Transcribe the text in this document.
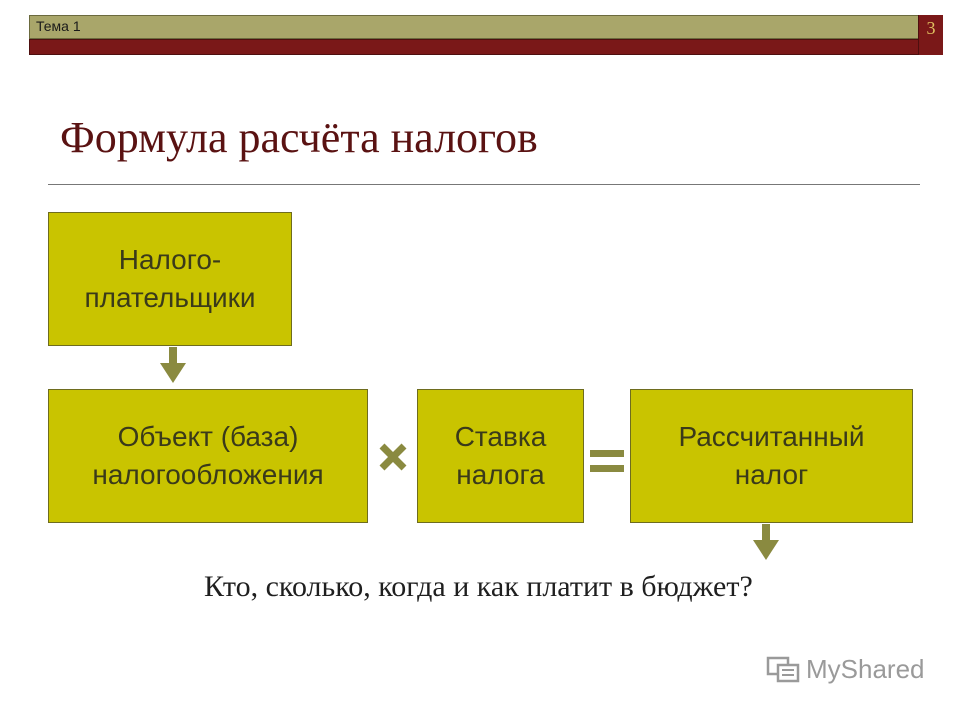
Тема 1	3
Формула расчёта налогов
Налого-
плательщики
Объект (база)
налогообложения
Ставка
налога
Рассчитанный
налог
Кто, сколько, когда и как платит в бюджет?
MyShared
